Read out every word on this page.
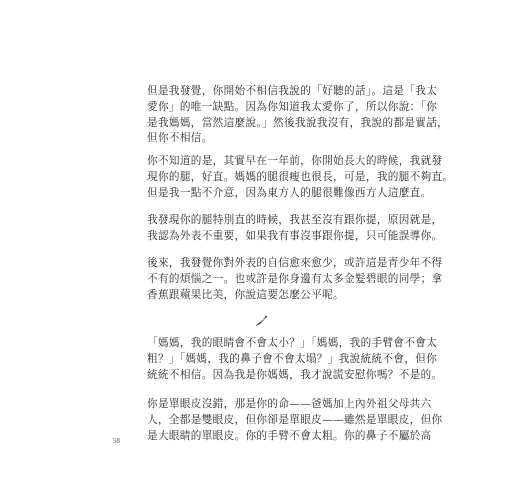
但是我發覺，你開始不相信我說的「好聽的話」。這是「我太
愛你」的唯一缺點。因為你知道我太愛你了，所以你說：「你
是我媽媽，當然這麼說。」然後我說我沒有，我說的都是實話，
但你不相信。

你不知道的是，其實早在一年前，你開始長大的時候，我就發
現你的腿，好直。媽媽的腿很瘦也很長，可是，我的腿不夠直。
但是我一點不介意，因為東方人的腿很難像西方人這麼直。

我發現你的腿特別直的時候，我甚至沒有跟你提，原因就是，
我認為外表不重要，如果我有事沒事跟你提，只可能誤導你。

後來，我發覺你對外表的自信愈來愈少，或許這是青少年不得
不有的煩惱之一。也或許是你身邊有太多金髮碧眼的同學；拿
香蕉跟蘋果比美，你說這要怎麼公平呢。

「媽媽，我的眼睛會不會太小？」「媽媽，我的手臂會不會太
粗？」「媽媽，我的鼻子會不會太塌？」我說統統不會，但你
統統不相信。因為我是你媽媽，我才說謊安慰你嗎？不是的。

你是單眼皮沒錯，那是你的命——爸媽加上內外祖父母共六
人，全都是雙眼皮，但你卻是單眼皮——雖然是單眼皮，但你
是大眼睛的單眼皮。你的手臂不會太粗。你的鼻子不屬於高

58
